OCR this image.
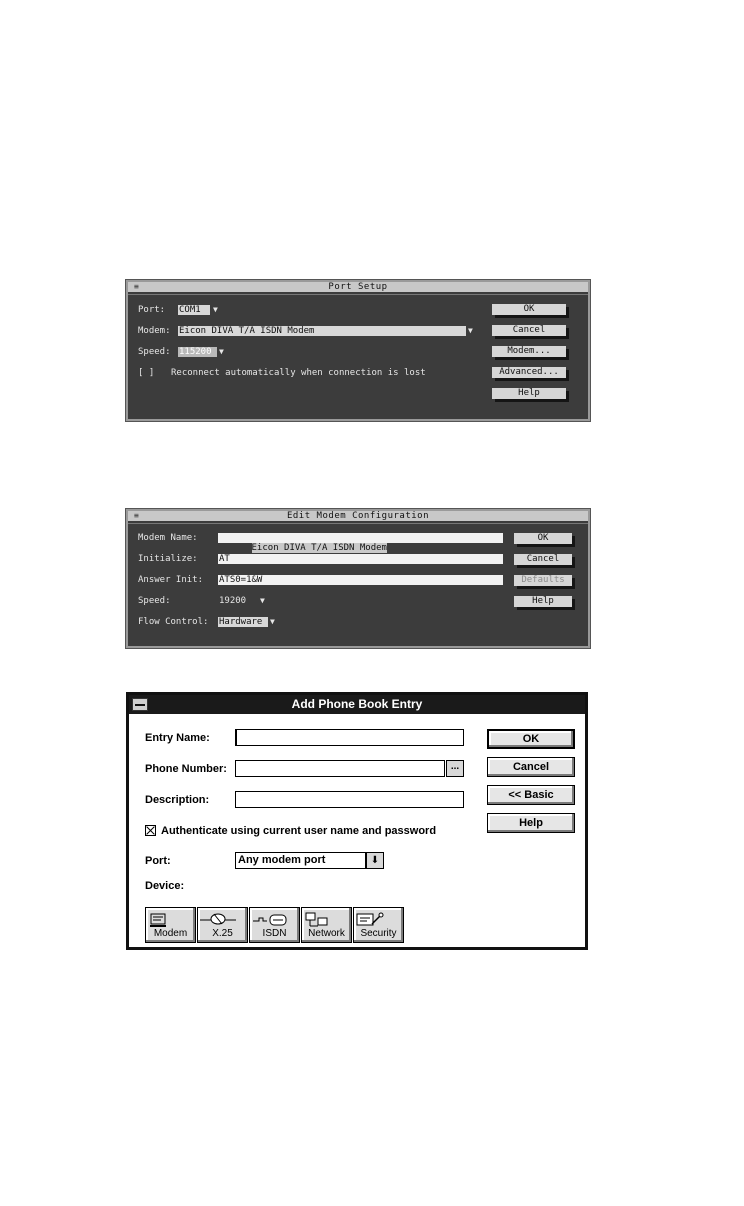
≡	Port Setup
Port: COM1	▼
Modem: Eicon DIVA T/A ISDN Modem	▼
Speed: 115200 ▼
[ ] Reconnect automatically when connection is lost
OK
Cancel
Modem...
Advanced...
Help
≡	Edit Modem Configuration
Modem Name:

Eicon DIVA T/A ISDN Modem

Initialize: AT
Answer Init: ATS0=1&W
Speed:	19200	▼
Flow Control: Hardware ▼
OK
Cancel
Defaults
Help
Add Phone Book Entry
Entry Name:
Phone Number:	...
Description:
Authenticate using current user name and password
Port:	Any modem port	⬇
Device:
OK
Cancel
<< Basic
Help
Modem	X.25	ISDN	Network	Security
